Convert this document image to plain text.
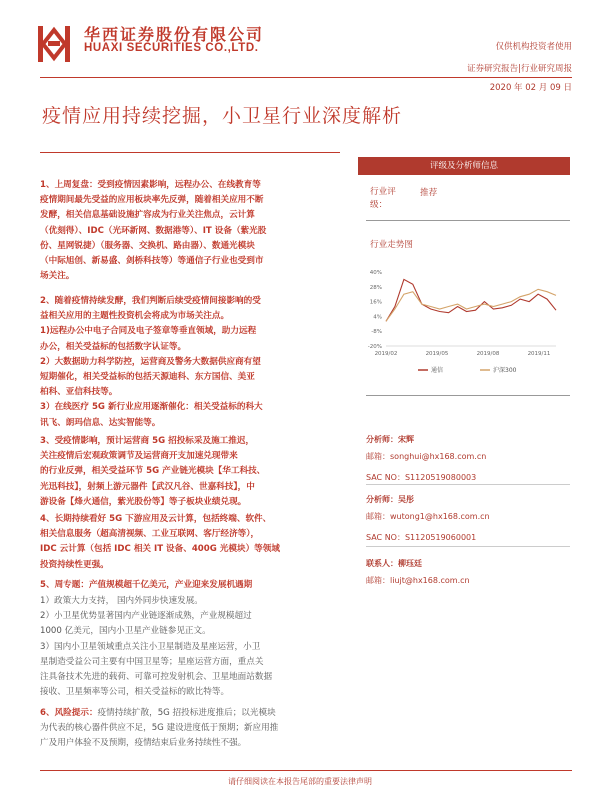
华西证券股份有限公司
HUAXI SECURITIES CO.,LTD.	仅供机构投资者使用
证券研究报告|行业研究周报
2020 年 02 月 09 日
疫情应用持续挖掘，小卫星行业深度解析
1、上周复盘：受到疫情因素影响，远程办公、在线教育等
疫情期间最先受益的应用板块率先反弹，随着相关应用不断
发酵，相关信息基础设施扩容成为行业关注焦点，云计算
（优刻得）、IDC（光环新网、数据港等）、IT 设备（紫光股
份、星网锐捷）（服务器、交换机、路由器）、数通光模块
（中际旭创、新易盛、剑桥科技等）等通信子行业也受到市
场关注。
2、随着疫情持续发酵，我们判断后续受疫情间接影响的受
益相关应用的主题性投资机会将成为市场关注点。
1)远程办公中电子合同及电子签章等垂直领域，助力远程
办公，相关受益标的包括数字认证等。
2）大数据助力科学防控，运营商及警务大数据供应商有望
短期催化，相关受益标的包括天源迪科、东方国信、美亚
柏科、亚信科技等。
3）在线医疗 5G 新行业应用逐渐催化：相关受益标的科大
讯飞、朗玛信息、达实智能等。
3、受疫情影响，预计运营商 5G 招投标采及施工推迟，
关注疫情后宏观政策调节及运营商开支加速兑现带来
的行业反弹，相关受益环节 5G 产业链光模块【华工科技、
光迅科技】，射频上游元器件【武汉凡谷、世嘉科技】，中
游设备【烽火通信，紫光股份等】等子板块业绩兑现。
4、长期持续看好 5G 下游应用及云计算，包括终端、软件、
相关信息服务（超高清视频、工业互联网、客厅经济等），
IDC 云计算（包括 IDC 相关 IT 设备、400G 光模块）等领域
投资持续性更强。
5、周专题：产值规模超千亿美元，产业迎来发展机遇期
1）政策大力支持， 国内外同步快速发展。
2）小卫星优势显著国内产业链逐渐成熟，产业规模超过
1000 亿美元，国内小卫星产业链参见正文。
3）国内小卫星领域重点关注小卫星制造及星座运营，小卫
星制造受益公司主要有中国卫星等；星座运营方面，重点关
注具备技术先进的载荷、可靠可控发射机会、卫星地面站数据
接收、卫星频率等公司，相关受益标的欧比特等。
6、风险提示：疫情持续扩散，5G 招投标进度推后；以光模块
为代表的核心器件供应不足，5G 建设进度低于预期；新应用推
广及用户体验不及预期，疫情结束后业务持续性不强。
评级及分析师信息
行业评级：
推荐
行业走势图
40%
28%
16%
4%
-8%
-20%
2019/02	2019/05	2019/08	2019/11
通信	沪深300
分析师：宋辉
邮箱：songhui@hx168.com.cn
SAC NO：S1120519080003
分析师：吴彤
邮箱：wutong1@hx168.com.cn
SAC NO：S1120519060001
联系人：柳珏廷
邮箱：liujt@hx168.com.cn
请仔细阅读在本报告尾部的重要法律声明
